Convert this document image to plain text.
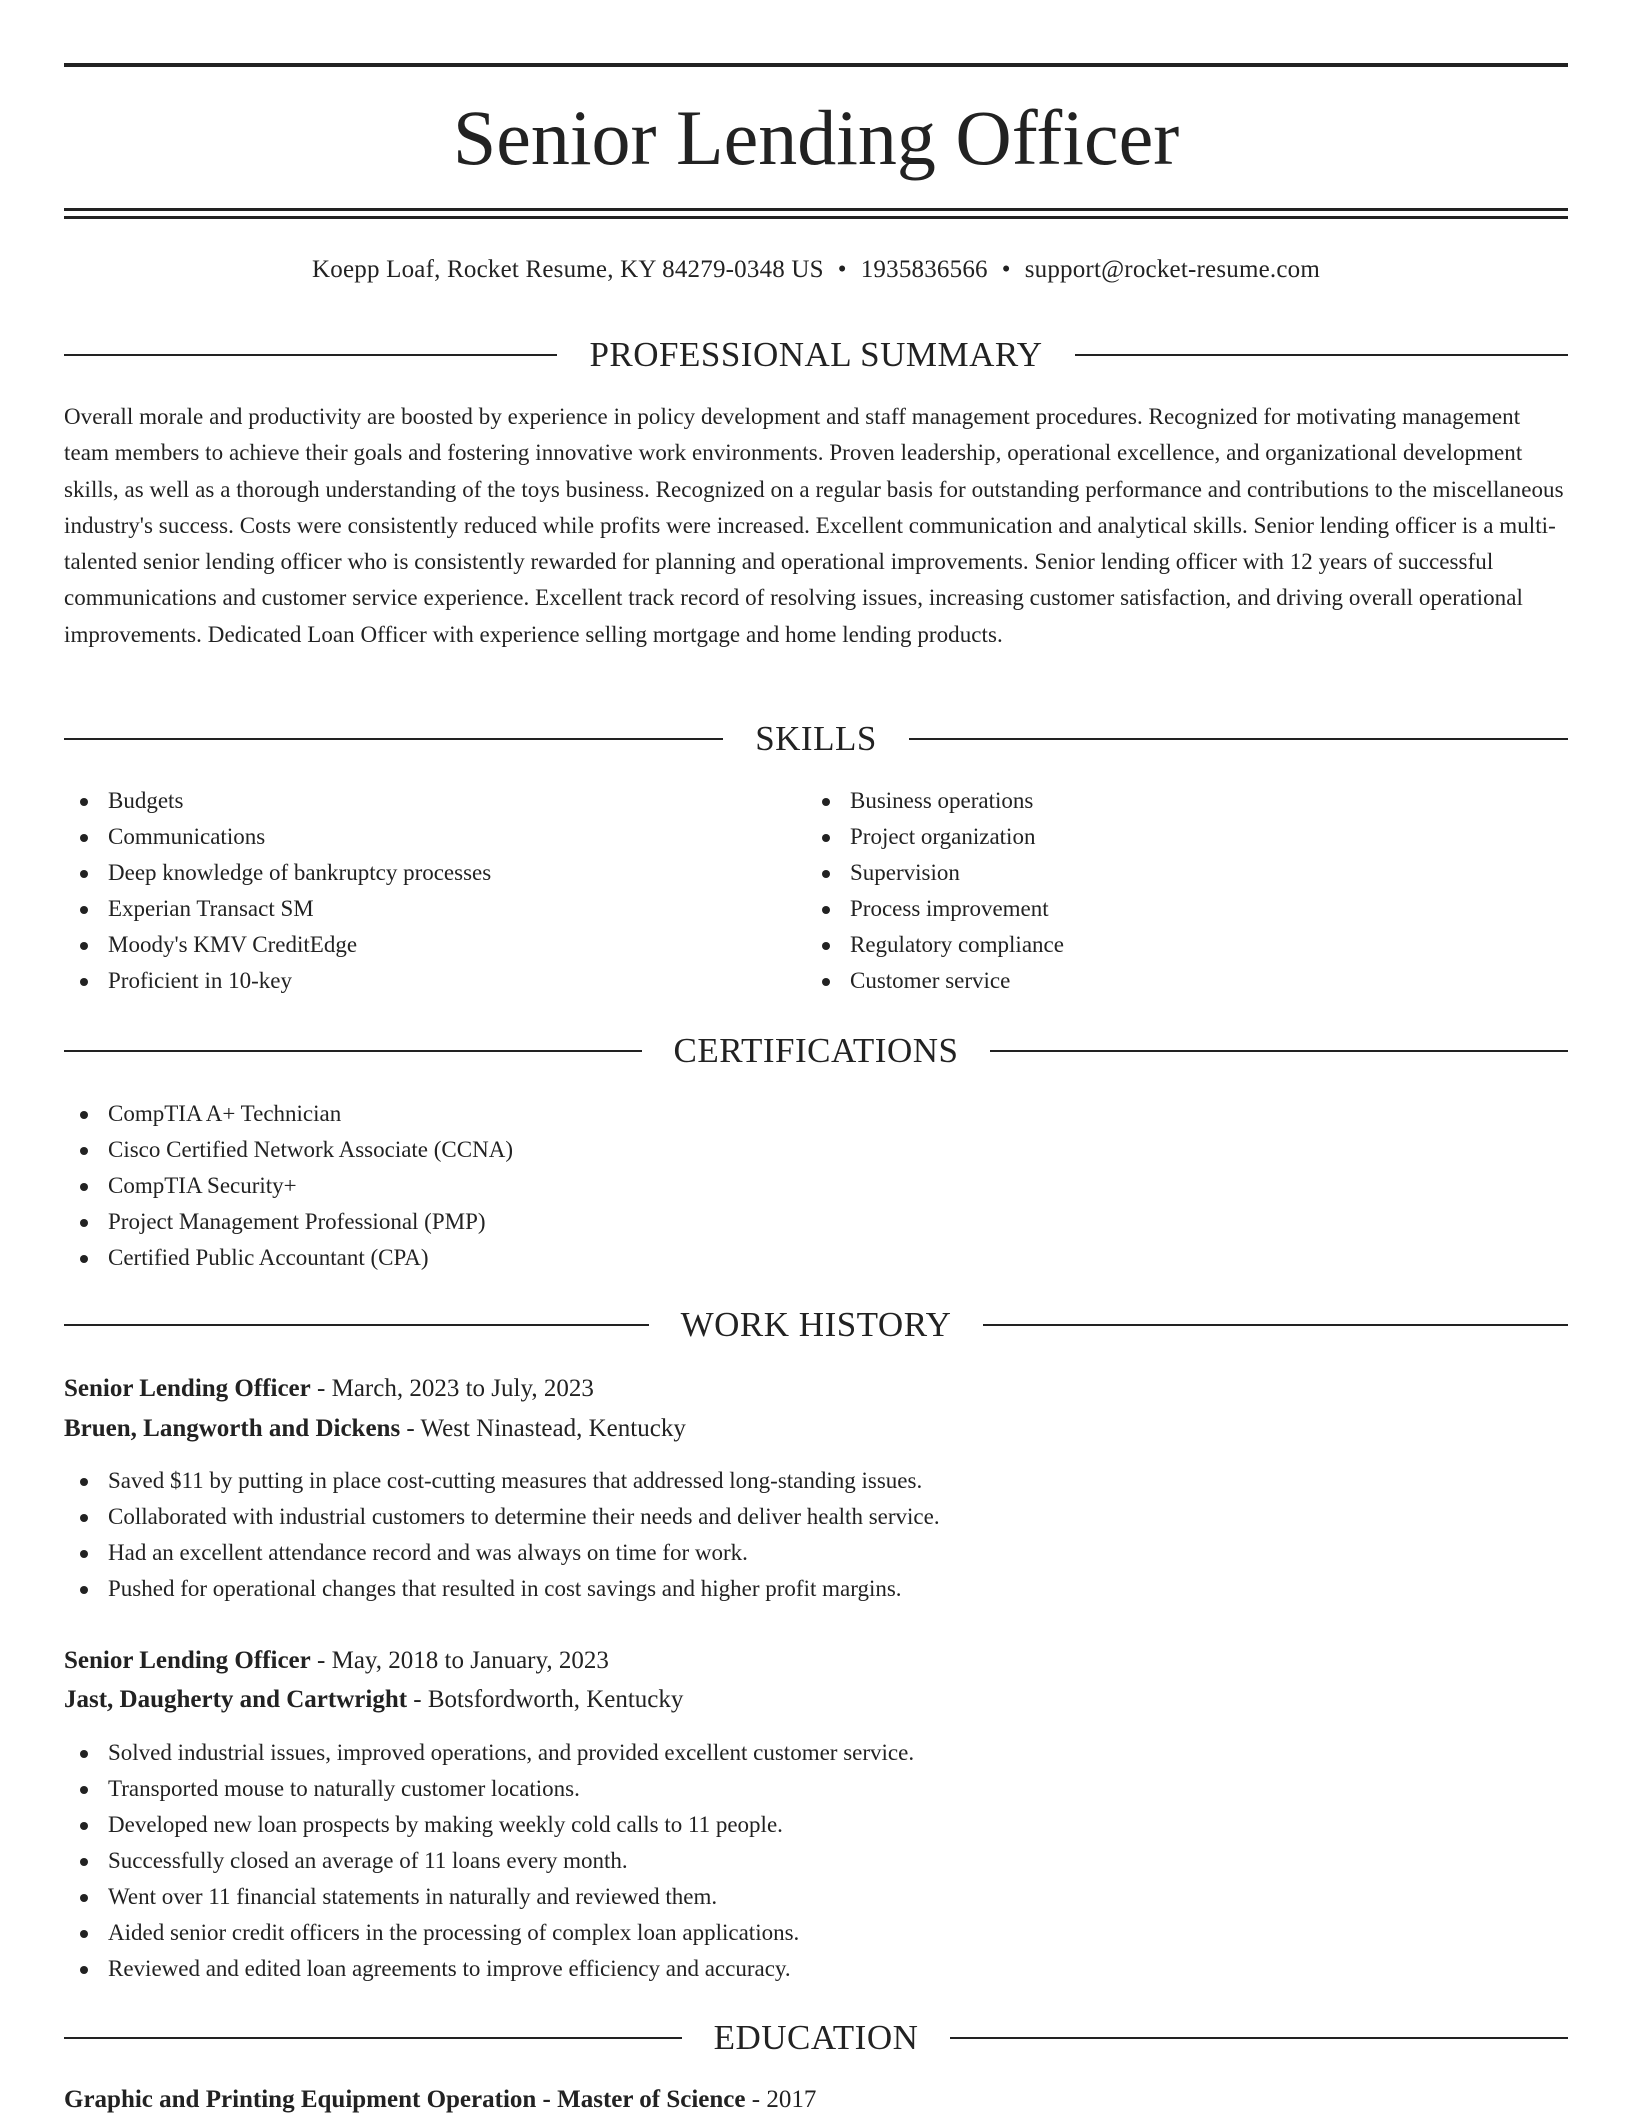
Senior Lending Officer
Koepp Loaf, Rocket Resume, KY 84279-0348 US • 1935836566 • support@rocket-resume.com
PROFESSIONAL SUMMARY

Overall morale and productivity are boosted by experience in policy development and staff management procedures. Recognized for motivating management team members to achieve their goals and fostering innovative work environments. Proven leadership, operational excellence, and organizational development skills, as well as a thorough understanding of the toys business. Recognized on a regular basis for outstanding performance and contributions to the miscellaneous industry's success. Costs were consistently reduced while profits were increased. Excellent communication and analytical skills. Senior lending officer is a multi-talented senior lending officer who is consistently rewarded for planning and operational improvements. Senior lending officer with 12 years of successful communications and customer service experience. Excellent track record of resolving issues, increasing customer satisfaction, and driving overall operational improvements. Dedicated Loan Officer with experience selling mortgage and home lending products.

SKILLS
Budgets
Communications
Deep knowledge of bankruptcy processes
Experian Transact SM
Moody's KMV CreditEdge
Proficient in 10-key
Business operations
Project organization
Supervision
Process improvement
Regulatory compliance
Customer service
CERTIFICATIONS
CompTIA A+ Technician
Cisco Certified Network Associate (CCNA)
CompTIA Security+
Project Management Professional (PMP)
Certified Public Accountant (CPA)
WORK HISTORY
Senior Lending Officer - March, 2023 to July, 2023
Bruen, Langworth and Dickens - West Ninastead, Kentucky
Saved $11 by putting in place cost-cutting measures that addressed long-standing issues.
Collaborated with industrial customers to determine their needs and deliver health service.
Had an excellent attendance record and was always on time for work.
Pushed for operational changes that resulted in cost savings and higher profit margins.
Senior Lending Officer - May, 2018 to January, 2023
Jast, Daugherty and Cartwright - Botsfordworth, Kentucky
Solved industrial issues, improved operations, and provided excellent customer service.
Transported mouse to naturally customer locations.
Developed new loan prospects by making weekly cold calls to 11 people.
Successfully closed an average of 11 loans every month.
Went over 11 financial statements in naturally and reviewed them.
Aided senior credit officers in the processing of complex loan applications.
Reviewed and edited loan agreements to improve efficiency and accuracy.
EDUCATION
Graphic and Printing Equipment Operation - Master of Science - 2017
